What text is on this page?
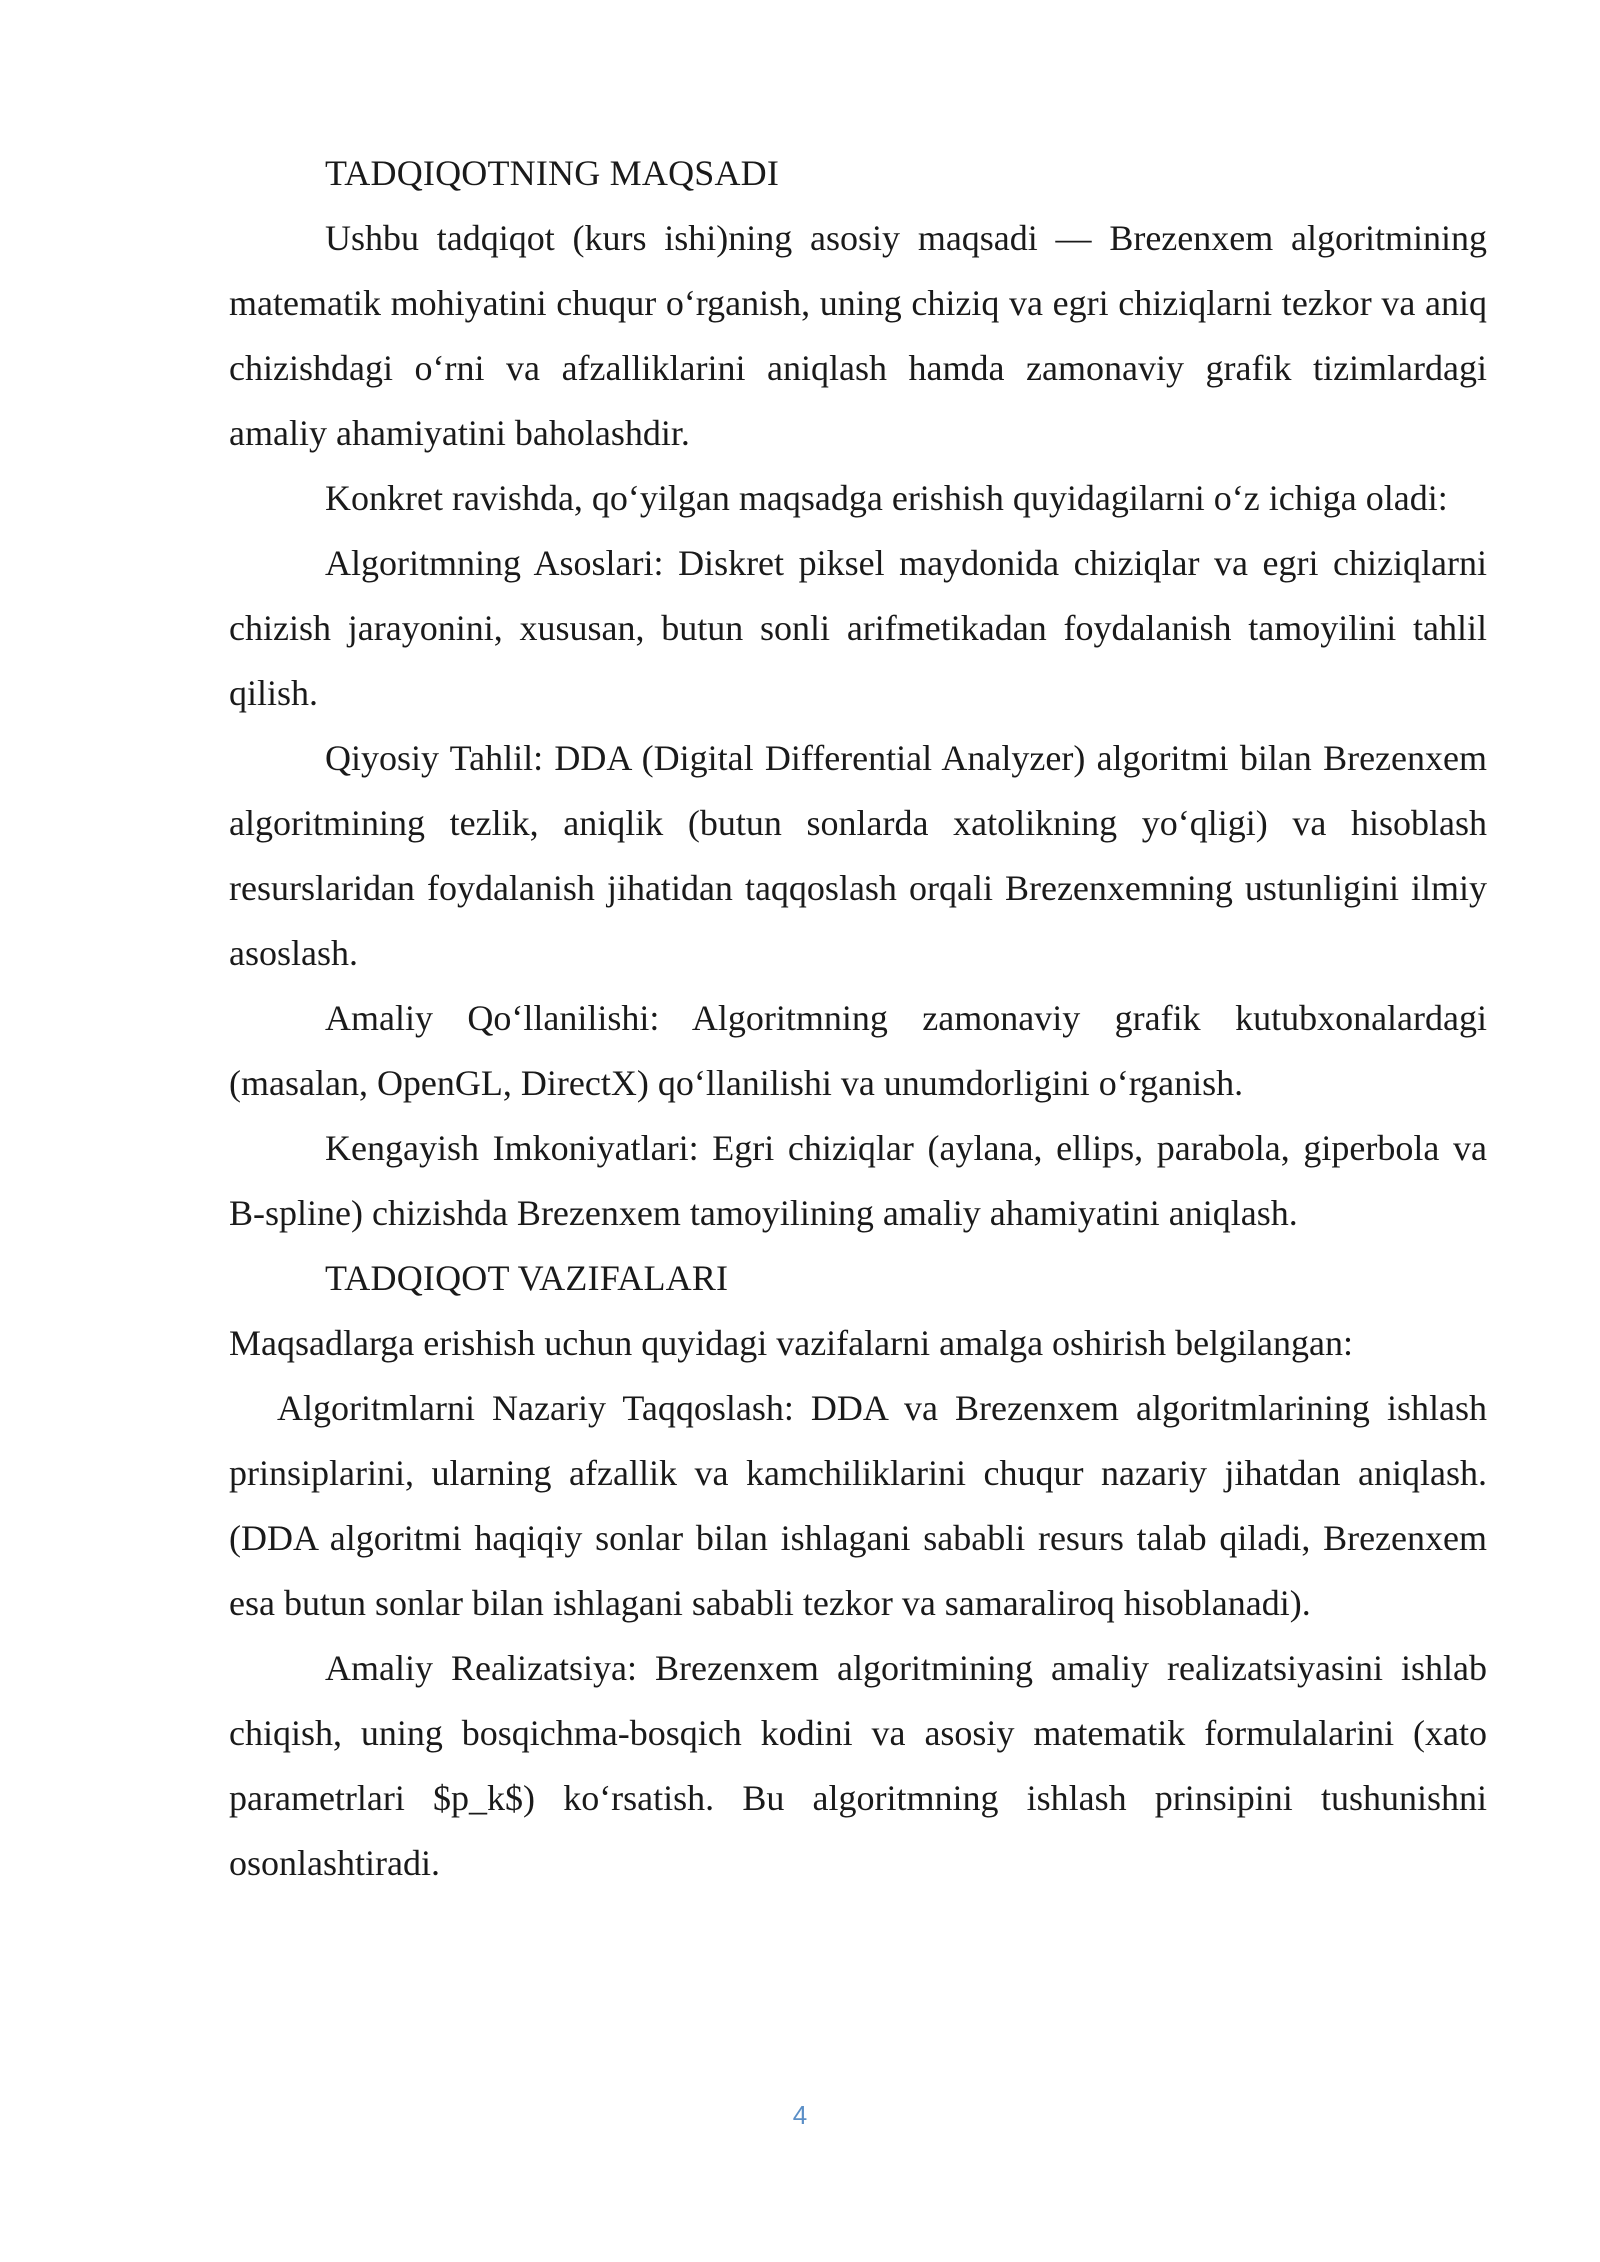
TADQIQOTNING MAQSADI

Ushbu tadqiqot (kurs ishi)ning asosiy maqsadi — Brezenxem algoritmining matematik mohiyatini chuqur o‘rganish, uning chiziq va egri chiziqlarni tezkor va aniq chizishdagi o‘rni va afzalliklarini aniqlash hamda zamonaviy grafik tizimlardagi amaliy ahamiyatini baholashdir.

Konkret ravishda, qo‘yilgan maqsadga erishish quyidagilarni o‘z ichiga oladi:

Algoritmning Asoslari: Diskret piksel maydonida chiziqlar va egri chiziqlarni chizish jarayonini, xususan, butun sonli arifmetikadan foydalanish tamoyilini tahlil qilish.

Qiyosiy Tahlil: DDA (Digital Differential Analyzer) algoritmi bilan Brezenxem algoritmining tezlik, aniqlik (butun sonlarda xatolikning yo‘qligi) va hisoblash resurslaridan foydalanish jihatidan taqqoslash orqali Brezenxemning ustunligini ilmiy asoslash.

Amaliy Qo‘llanilishi: Algoritmning zamonaviy grafik kutubxonalardagi (masalan, OpenGL, DirectX) qo‘llanilishi va unumdorligini o‘rganish.

Kengayish Imkoniyatlari: Egri chiziqlar (aylana, ellips, parabola, giperbola va B-spline) chizishda Brezenxem tamoyilining amaliy ahamiyatini aniqlash.

TADQIQOT VAZIFALARI

Maqsadlarga erishish uchun quyidagi vazifalarni amalga oshirish belgilangan:

Algoritmlarni Nazariy Taqqoslash: DDA va Brezenxem algoritmlarining ishlash prinsiplarini, ularning afzallik va kamchiliklarini chuqur nazariy jihatdan aniqlash. (DDA algoritmi haqiqiy sonlar bilan ishlagani sababli resurs talab qiladi, Brezenxem esa butun sonlar bilan ishlagani sababli tezkor va samaraliroq hisoblanadi).

Amaliy Realizatsiya: Brezenxem algoritmining amaliy realizatsiyasini ishlab chiqish, uning bosqichma-bosqich kodini va asosiy matematik formulalarini (xato parametrlari $p_k$) ko‘rsatish. Bu algoritmning ishlash prinsipini tushunishni osonlashtiradi.

4
